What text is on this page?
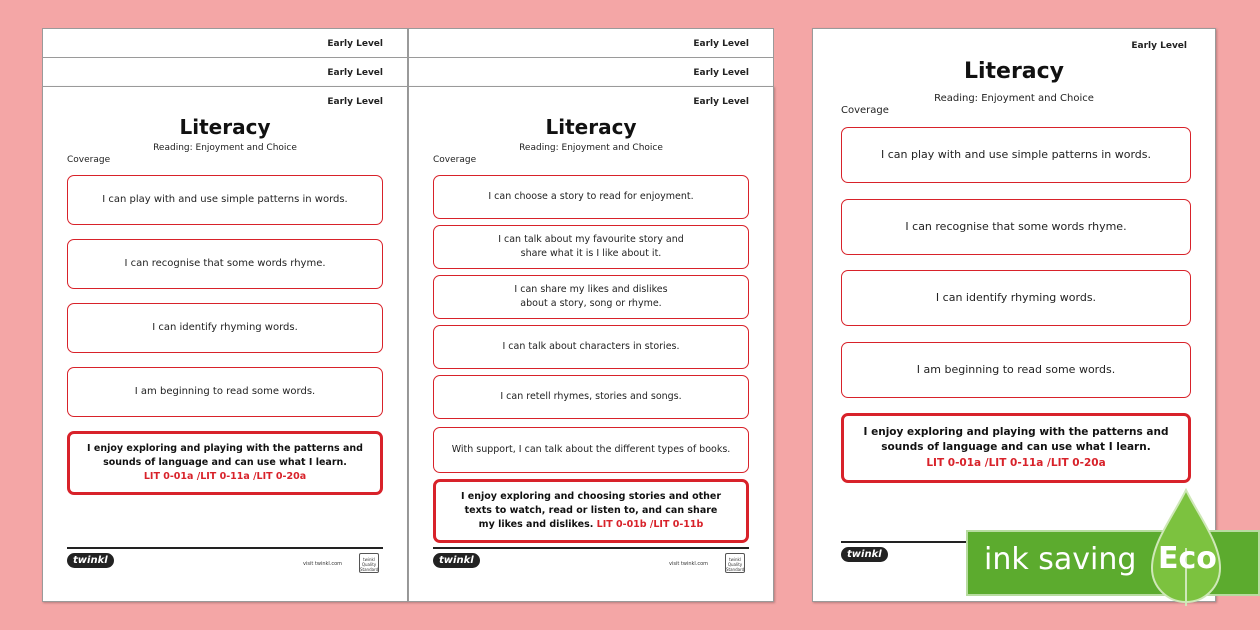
Early Level
Early Level
Early Level
Literacy
Reading: Enjoyment and Choice
Coverage
I can play with and use simple patterns in words.
I can recognise that some words rhyme.
I can identify rhyming words.
I am beginning to read some words.
I enjoy exploring and playing with the patterns and
sounds of language and can use what I learn.
LIT 0-01a /LIT 0-11a /LIT 0-20a
twinkl	visit twinkl.com
twinkl Quality Standard
Early Level
Early Level
Early Level
Literacy
Reading: Enjoyment and Choice
Coverage
I can choose a story to read for enjoyment.
I can talk about my favourite story and
share what it is I like about it.
I can share my likes and dislikes
about a story, song or rhyme.
I can talk about characters in stories.
I can retell rhymes, stories and songs.
With support, I can talk about the different types of books.
I enjoy exploring and choosing stories and other
texts to watch, read or listen to, and can share
my likes and dislikes. LIT 0-01b /LIT 0-11b
twinkl	visit twinkl.com
twinkl Quality Standard
Early Level
Literacy
Reading: Enjoyment and Choice
Coverage
I can play with and use simple patterns in words.
I can recognise that some words rhyme.
I can identify rhyming words.
I am beginning to read some words.
I enjoy exploring and playing with the patterns and
sounds of language and can use what I learn.
LIT 0-01a /LIT 0-11a /LIT 0-20a
twinkl	ink saving Eco
